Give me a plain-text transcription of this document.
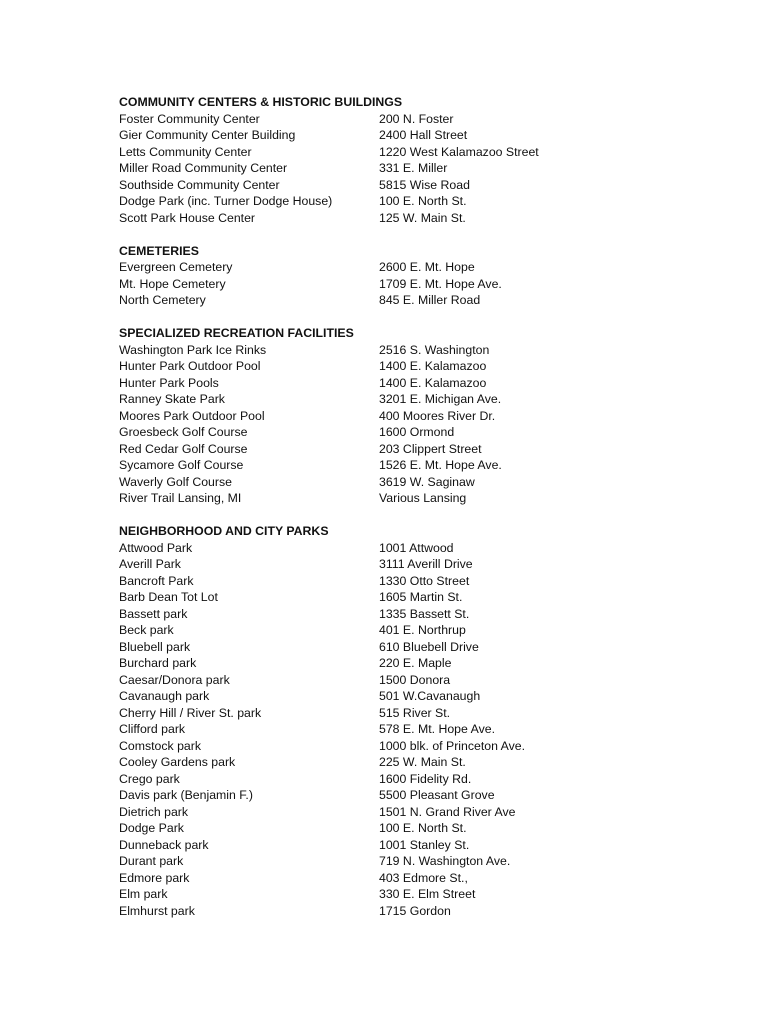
COMMUNITY CENTERS & HISTORIC BUILDINGS
Foster Community Center	200 N. Foster
Gier Community Center Building	2400 Hall Street
Letts Community Center	1220 West Kalamazoo Street
Miller Road Community Center	331 E. Miller
Southside Community Center	5815 Wise Road
Dodge Park (inc. Turner Dodge House)	100 E. North St.
Scott Park House Center	125 W. Main St.
CEMETERIES
Evergreen Cemetery	2600 E. Mt. Hope
Mt. Hope Cemetery	1709 E. Mt. Hope Ave.
North Cemetery	845 E. Miller Road
SPECIALIZED RECREATION FACILITIES
Washington Park Ice Rinks	2516 S. Washington
Hunter Park Outdoor Pool	1400 E. Kalamazoo
Hunter Park Pools	1400 E. Kalamazoo
Ranney Skate Park	3201 E. Michigan Ave.
Moores Park Outdoor Pool	400 Moores River Dr.
Groesbeck Golf Course	1600 Ormond
Red Cedar Golf Course	203 Clippert Street
Sycamore Golf Course	1526 E. Mt. Hope Ave.
Waverly Golf Course	3619 W. Saginaw
River Trail Lansing, MI	Various Lansing
NEIGHBORHOOD AND CITY PARKS
Attwood Park	1001 Attwood
Averill Park	3111 Averill Drive
Bancroft Park	1330 Otto Street
Barb Dean Tot Lot	1605 Martin St.
Bassett park	1335 Bassett St.
Beck park	401 E. Northrup
Bluebell park	610 Bluebell Drive
Burchard park	220 E. Maple
Caesar/Donora park	1500 Donora
Cavanaugh park	501 W.Cavanaugh
Cherry Hill / River St. park	515 River St.
Clifford park	578 E. Mt. Hope Ave.
Comstock park	1000 blk. of Princeton Ave.
Cooley Gardens park	225 W. Main St.
Crego park	1600 Fidelity Rd.
Davis park (Benjamin F.)	5500 Pleasant Grove
Dietrich park	1501 N. Grand River Ave
Dodge Park	100 E. North St.
Dunneback park	1001 Stanley St.
Durant park	719 N. Washington Ave.
Edmore park	403 Edmore St.,
Elm park	330 E. Elm Street
Elmhurst park	1715 Gordon
